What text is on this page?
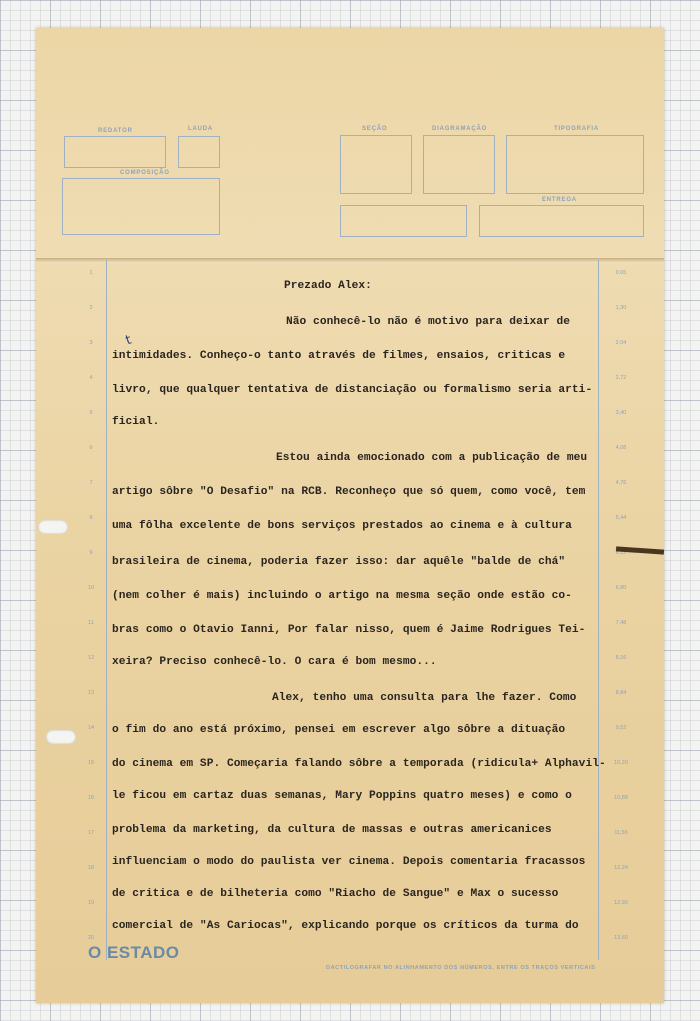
REDATOR	LAUDA
COMPOSIÇÃO
SEÇÃO	DIAGRAMAÇÃO	TIPOGRAFIA
ENTREGA
1
2
3
4
5
6
7
8
9
10
11
12
13
14
15
16
17
18
19
20
0,65
1,30
2,04
2,72
3,40
4,08
4,76
5,44
6,12
6,80
7,48
8,16
8,84
9,52
10,20
10,88
11,56
12,24
12,92
13,60
Prezado Alex:
Não conhecê-lo não é motivo para deixar de
intimidades. Conheço-o tanto através de filmes, ensaios, criticas e
livro, que qualquer tentativa de distanciação ou formalismo seria arti-
ficial.
Estou ainda emocionado com a publicação de meu
artigo sôbre "O Desafio" na RCB. Reconheço que só quem, como você, tem
uma fôlha excelente de bons serviços prestados ao cinema e à cultura
brasileira de cinema, poderia fazer isso: dar aquêle "balde de chá"
(nem colher é mais) incluindo o artigo na mesma seção onde estão co-
bras como o Otavio Ianni, Por falar nisso, quem é Jaime Rodrigues Tei-
xeira? Preciso conhecê-lo. O cara é bom mesmo...
Alex, tenho uma consulta para lhe fazer. Como
o fim do ano está próximo, pensei em escrever algo sôbre a dituação
do cinema em SP. Começaria falando sôbre a temporada (ridicula+ Alphavil-
le ficou em cartaz duas semanas, Mary Poppins quatro meses) e como o
problema da marketing, da cultura de massas e outras americanices
influenciam o modo do paulista ver cinema. Depois comentaria fracassos
de critica e de bilheteria como "Riacho de Sangue" e Max o sucesso
comercial de "As Cariocas", explicando porque os críticos da turma do
t
O ESTADO
DACTILOGRAFAR NO ALINHAMENTO DOS NÚMEROS, ENTRE OS TRAÇOS VERTICAIS
